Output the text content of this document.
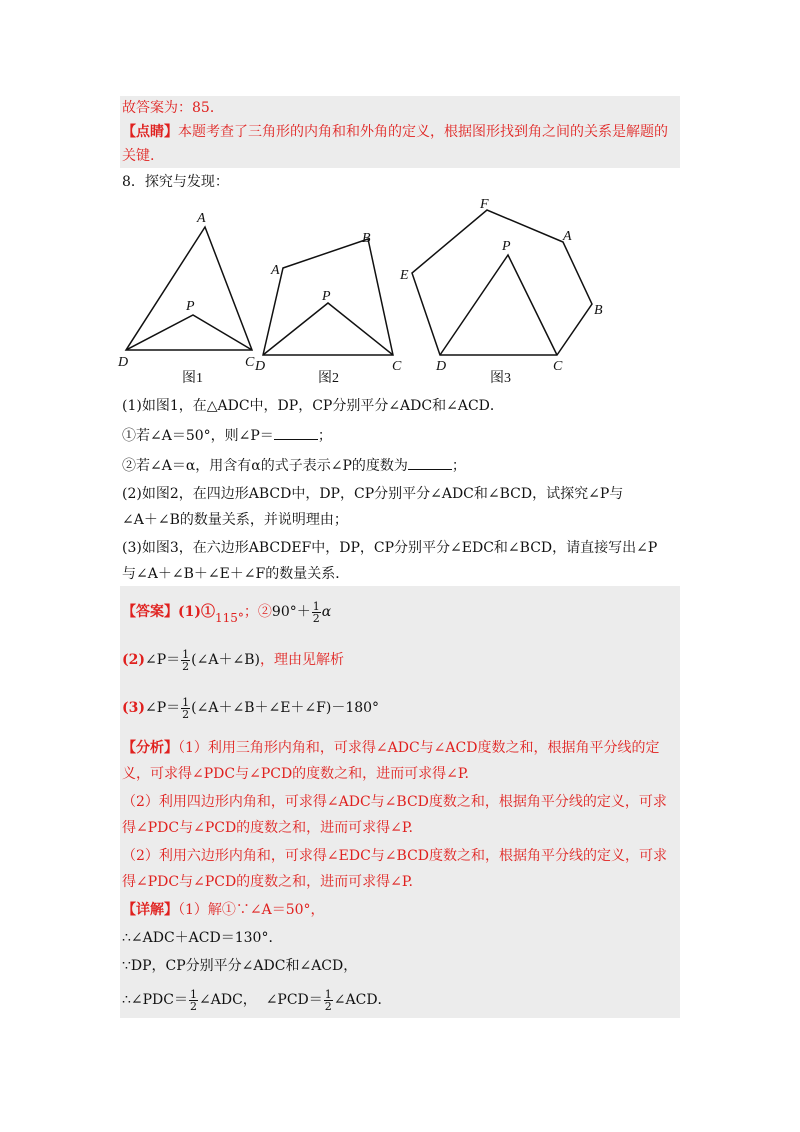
故答案为：85．
【点睛】本题考查了三角形的内角和和外角的定义，根据图形找到角之间的关系是解题的
关键.
8．探究与发现：
A
P
D	C
图1
A
B
P
D	C
图2
F
A
P
E
B
D	C
图3
(1)如图1，在△ADC中，DP，CP分别平分∠ADC和∠ACD．
①若∠A＝50°，则∠P＝	；
②若∠A＝α，用含有α的式子表示∠P的度数为	；
(2)如图2，在四边形ABCD中，DP，CP分别平分∠ADC和∠BCD，试探究∠P与
∠A＋∠B的数量关系，并说明理由；
(3)如图3，在六边形ABCDEF中，DP，CP分别平分∠EDC和∠BCD，请直接写出∠P
与∠A＋∠B＋∠E＋∠F的数量关系．
【答案】(1)①115°；②90°＋ $\frac{1}{2}$ α
(2)∠P＝ $\frac{1}{2}$ (∠A＋∠B)，理由见解析
(3)∠P＝ $\frac{1}{2}$ (∠A＋∠B＋∠E＋∠F)－180°
【分析】（1）利用三角形内角和，可求得∠ADC与∠ACD度数之和，根据角平分线的定
义，可求得∠PDC与∠PCD的度数之和，进而可求得∠P.
（2）利用四边形内角和，可求得∠ADC与∠BCD度数之和，根据角平分线的定义，可求
得∠PDC与∠PCD的度数之和，进而可求得∠P.
（2）利用六边形内角和，可求得∠EDC与∠BCD度数之和，根据角平分线的定义，可求
得∠PDC与∠PCD的度数之和，进而可求得∠P.
【详解】（1）解①∵∠A＝50°，
∴∠ADC＋ACD＝130°．
∵DP，CP分别平分∠ADC和∠ACD，
∴∠PDC＝ $\frac{1}{2}$ ∠ADC， ∠PCD＝ $\frac{1}{2}$ ∠ACD．
